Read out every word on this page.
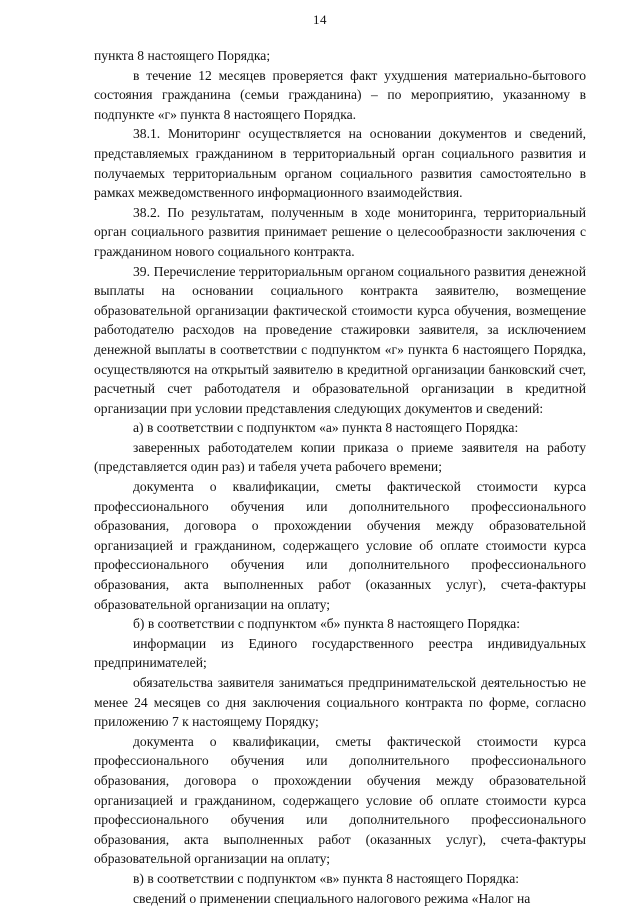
14

пункта 8 настоящего Порядка;

в течение 12 месяцев проверяется факт ухудшения материально-бытового состояния гражданина (семьи гражданина) – по мероприятию, указанному в подпункте «г» пункта 8 настоящего Порядка.

38.1. Мониторинг осуществляется на основании документов и сведений, представляемых гражданином в территориальный орган социального развития и получаемых территориальным органом социального развития самостоятельно в рамках межведомственного информационного взаимодействия.

38.2. По результатам, полученным в ходе мониторинга, территориальный орган социального развития принимает решение о целесообразности заключения с гражданином нового социального контракта.

39. Перечисление территориальным органом социального развития денежной выплаты на основании социального контракта заявителю, возмещение образовательной организации фактической стоимости курса обучения, возмещение работодателю расходов на проведение стажировки заявителя, за исключением денежной выплаты в соответствии с подпунктом «г» пункта 6 настоящего Порядка, осуществляются на открытый заявителю в кредитной организации банковский счет, расчетный счет работодателя и образовательной организации в кредитной организации при условии представления следующих документов и сведений:

а) в соответствии с подпунктом «а» пункта 8 настоящего Порядка:

заверенных работодателем копии приказа о приеме заявителя на работу (представляется один раз) и табеля учета рабочего времени;

документа о квалификации, сметы фактической стоимости курса профессионального обучения или дополнительного профессионального образования, договора о прохождении обучения между образовательной организацией и гражданином, содержащего условие об оплате стоимости курса профессионального обучения или дополнительного профессионального образования, акта выполненных работ (оказанных услуг), счета-фактуры образовательной организации на оплату;

б) в соответствии с подпунктом «б» пункта 8 настоящего Порядка:

информации из Единого государственного реестра индивидуальных предпринимателей;

обязательства заявителя заниматься предпринимательской деятельностью не менее 24 месяцев со дня заключения социального контракта по форме, согласно приложению 7 к настоящему Порядку;

документа о квалификации, сметы фактической стоимости курса профессионального обучения или дополнительного профессионального образования, договора о прохождении обучения между образовательной организацией и гражданином, содержащего условие об оплате стоимости курса профессионального обучения или дополнительного профессионального образования, акта выполненных работ (оказанных услуг), счета-фактуры образовательной организации на оплату;

в) в соответствии с подпунктом «в» пункта 8 настоящего Порядка:

сведений о применении специального налогового режима «Налог на
